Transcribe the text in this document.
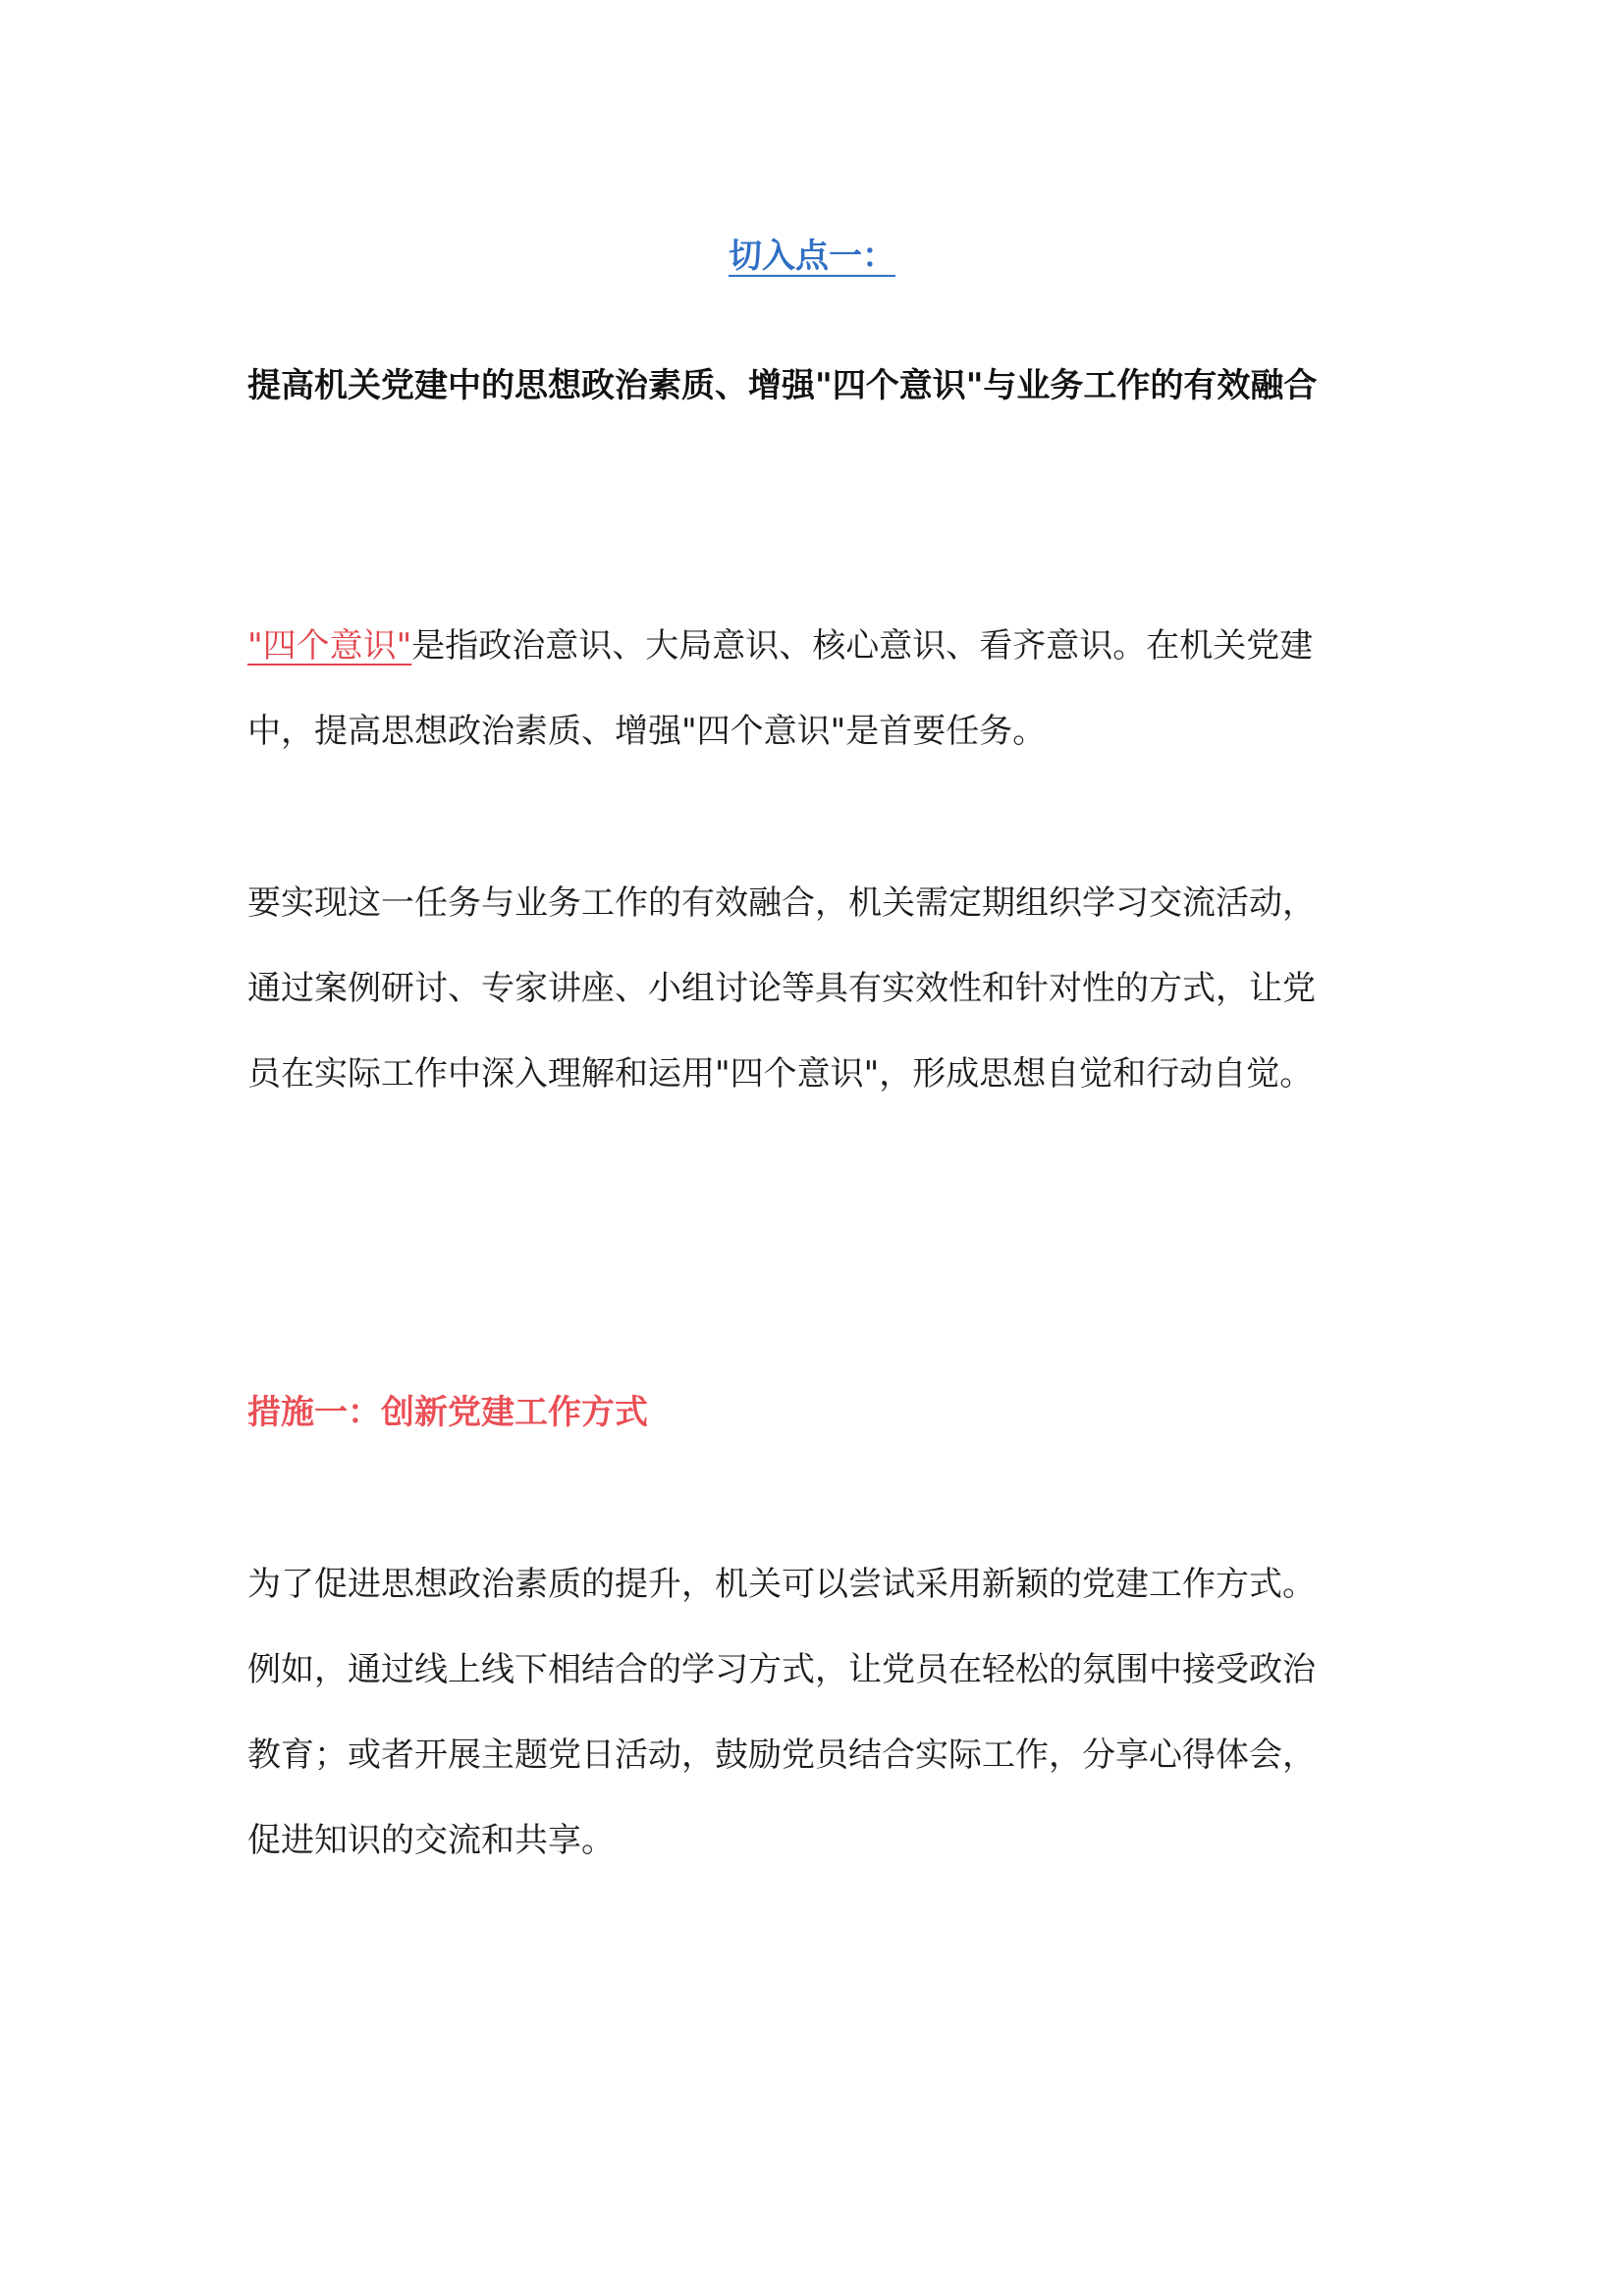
切入点一：
提高机关党建中的思想政治素质、增强"四个意识"与业务工作的有效融合

"四个意识"是指政治意识、大局意识、核心意识、看齐意识。在机关党建
中，提高思想政治素质、增强"四个意识"是首要任务。

要实现这一任务与业务工作的有效融合，机关需定期组织学习交流活动，
通过案例研讨、专家讲座、小组讨论等具有实效性和针对性的方式，让党
员在实际工作中深入理解和运用"四个意识"，形成思想自觉和行动自觉。

措施一：创新党建工作方式

为了促进思想政治素质的提升，机关可以尝试采用新颖的党建工作方式。
例如，通过线上线下相结合的学习方式，让党员在轻松的氛围中接受政治
教育；或者开展主题党日活动，鼓励党员结合实际工作，分享心得体会，
促进知识的交流和共享。
